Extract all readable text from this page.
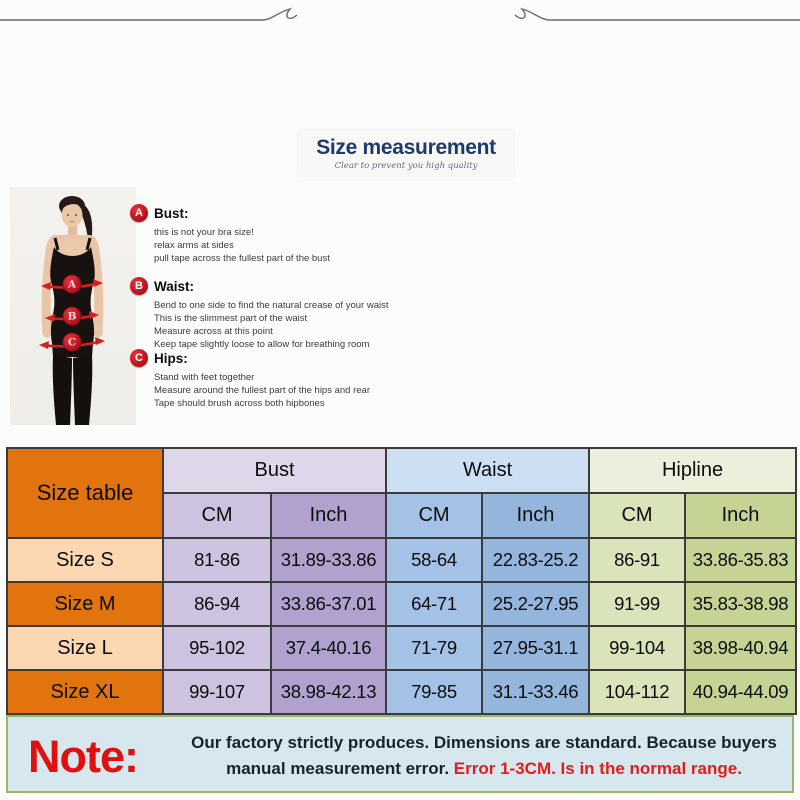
Size measurement
Clear to prevent you high quality
A
B
C
A Bust:
this is not your bra size!
relax arms at sides
pull tape across the fullest part of the bust
B Waist:
Bend to one side to find the natural crease of your waist
This is the slimmest part of the waist
Measure across at this point
Keep tape slightly loose to allow for breathing room
C Hips:
Stand with feet together
Measure around the fullest part of the hips and rear
Tape should brush across both hipbones
Size table	Bust		Waist		Hipline	
	CM	Inch	CM	Inch	CM	Inch
Size S	81-86	31.89-33.86	58-64	22.83-25.2	86-91	33.86-35.83
Size M	86-94	33.86-37.01	64-71	25.2-27.95	91-99	35.83-38.98
Size L	95-102	37.4-40.16	71-79	27.95-31.1	99-104	38.98-40.94
Size XL	99-107	38.98-42.13	79-85	31.1-33.46	104-112	40.94-44.09
Note:	Our factory strictly produces. Dimensions are standard. Because buyers
manual measurement error. Error 1-3CM. Is in the normal range.
